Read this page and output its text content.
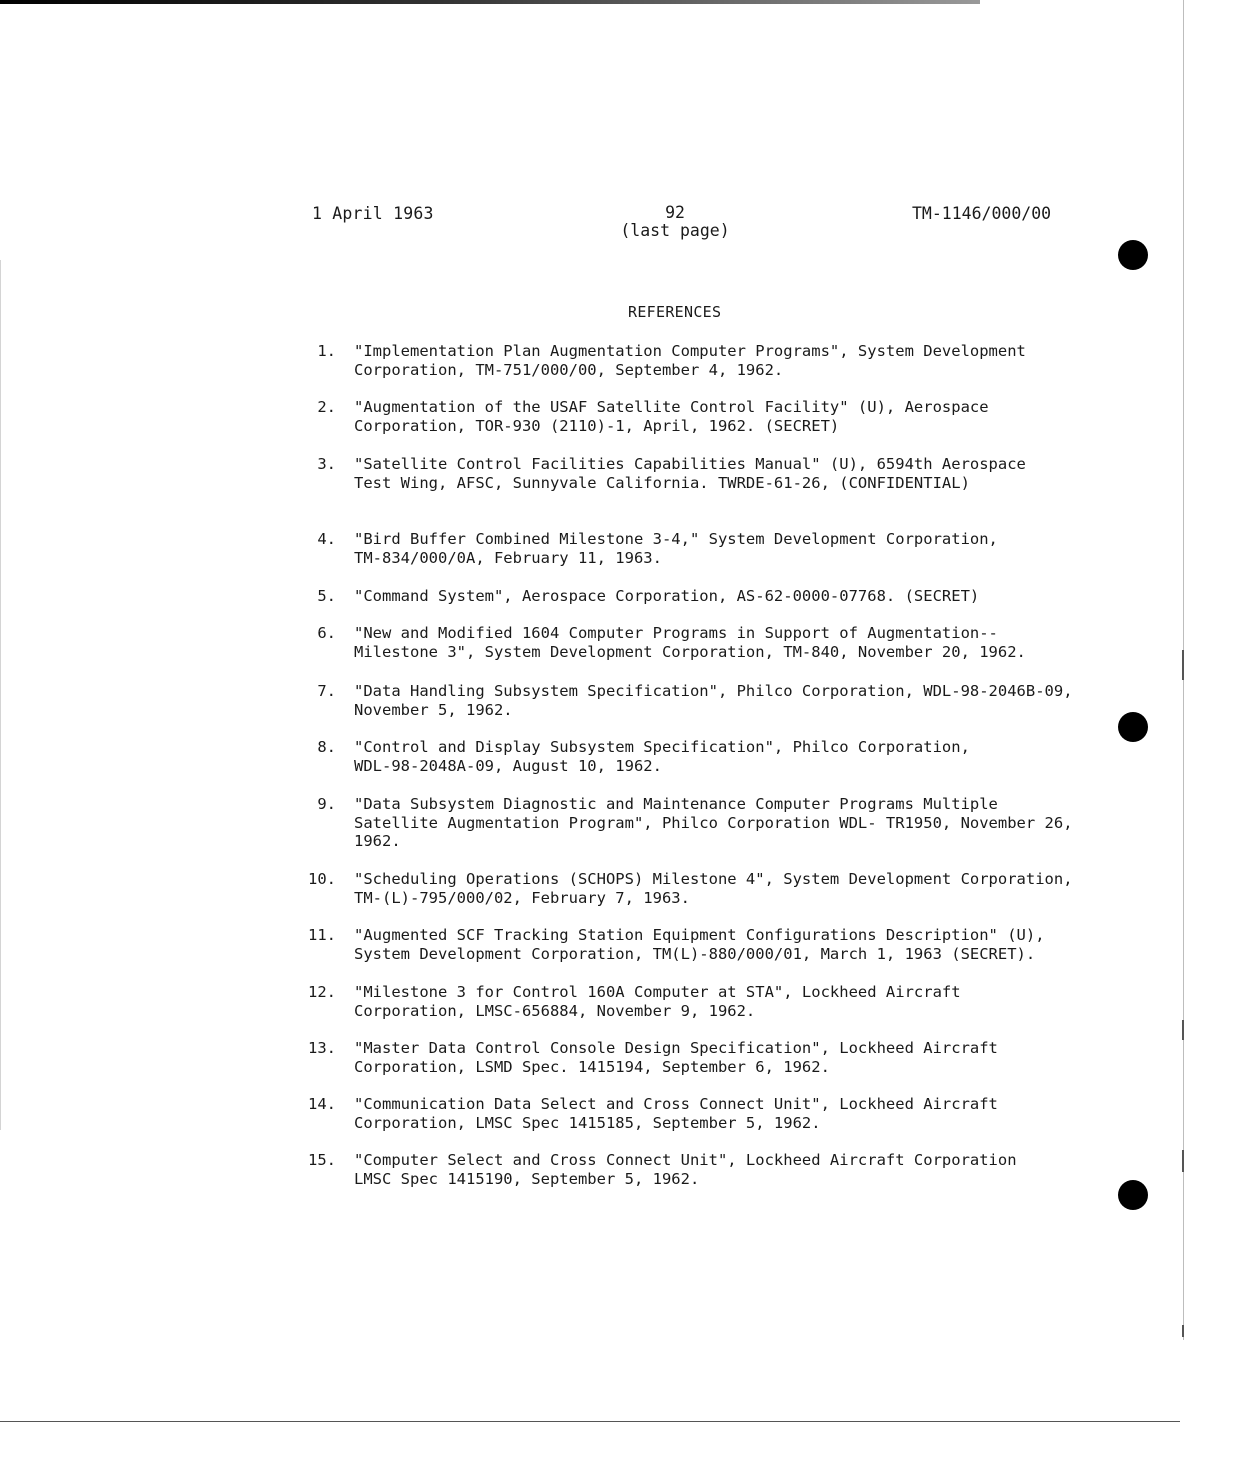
1 April 1963	92
(last page)
TM-1146/000/00
REFERENCES
1. "Implementation Plan Augmentation Computer Programs", System Development
Corporation, TM-751/000/00, September 4, 1962.
2. "Augmentation of the USAF Satellite Control Facility" (U), Aerospace
Corporation, TOR-930 (2110)-1, April, 1962. (SECRET)
3. "Satellite Control Facilities Capabilities Manual" (U), 6594th Aerospace
Test Wing, AFSC, Sunnyvale California. TWRDE-61-26, (CONFIDENTIAL)
4. "Bird Buffer Combined Milestone 3-4," System Development Corporation,
TM-834/000/0A, February 11, 1963.
5. "Command System", Aerospace Corporation, AS-62-0000-07768. (SECRET)
6. "New and Modified 1604 Computer Programs in Support of Augmentation--
Milestone 3", System Development Corporation, TM-840, November 20, 1962.
7. "Data Handling Subsystem Specification", Philco Corporation, WDL-98-2046B-09,
November 5, 1962.
8. "Control and Display Subsystem Specification", Philco Corporation,
WDL-98-2048A-09, August 10, 1962.
9. "Data Subsystem Diagnostic and Maintenance Computer Programs Multiple
Satellite Augmentation Program", Philco Corporation WDL- TR1950, November 26,
1962.
10. "Scheduling Operations (SCHOPS) Milestone 4", System Development Corporation,
TM-(L)-795/000/02, February 7, 1963.
11. "Augmented SCF Tracking Station Equipment Configurations Description" (U),
System Development Corporation, TM(L)-880/000/01, March 1, 1963 (SECRET).
12. "Milestone 3 for Control 160A Computer at STA", Lockheed Aircraft
Corporation, LMSC-656884, November 9, 1962.
13. "Master Data Control Console Design Specification", Lockheed Aircraft
Corporation, LSMD Spec. 1415194, September 6, 1962.
14. "Communication Data Select and Cross Connect Unit", Lockheed Aircraft
Corporation, LMSC Spec 1415185, September 5, 1962.
15. "Computer Select and Cross Connect Unit", Lockheed Aircraft Corporation
LMSC Spec 1415190, September 5, 1962.
